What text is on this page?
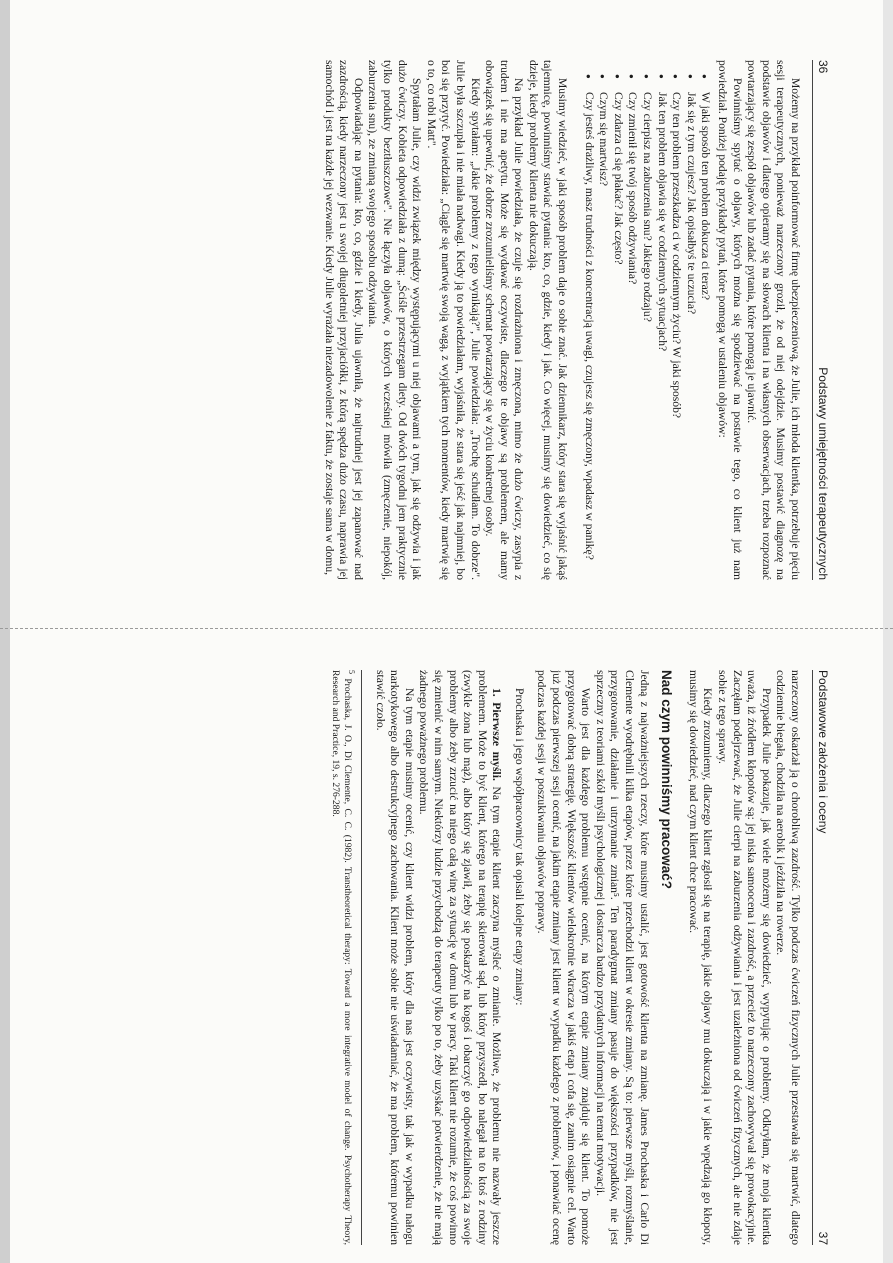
36
Podstawy umiejętności terapeutycznych

Możemy na przykład poinformować firmę ubezpieczeniową, że Julie, ich młoda klientka, potrzebuje pięciu sesji terapeutycznych, ponieważ narzeczony groził, że od niej odejdzie. Musimy postawić diagnozę na podstawie objawów i dlatego opieramy się na słowach klienta i na własnych obserwacjach, trzeba rozpoznać powtarzający się zespół objawów lub zadać pytania, które pomogą je ujawnić.

Powinniśmy spytać o objawy, których można się spodziewać na postawie tego, co klient już nam powiedział. Poniżej podaję przykłady pytań, które pomogą w ustaleniu objawów:

● W jaki sposób ten problem dokucza ci teraz?
● Jak się z tym czujesz? Jak opisałbyś te uczucia?
● Czy ten problem przeszkadza ci w codziennym życiu? W jaki sposób?
● Jak ten problem objawia się w codziennych sytuacjach?
● Czy cierpisz na zaburzenia snu? Jakiego rodzaju?
● Czy zmienił się twój sposób odżywiania?
● Czy zdarza ci się płakać? Jak często?
● Czym się martwisz?
● Czy jesteś drażliwy, masz trudności z koncentracją uwagi, czujesz się zmęczony, wpadasz w panikę?

Musimy wiedzieć, w jaki sposób problem daje o sobie znać. Jak dziennikarz, który stara się wyjaśnić jakąś tajemnicę, powinniśmy stawiać pytania: kto, co, gdzie, kiedy i jak. Co więcej, musimy się dowiedzieć, co się dzieje, kiedy problemy klienta nie dokuczają.

Na przykład Julie powiedziała, że czuje się rozdrażniona i zmęczona, mimo że dużo ćwiczy, zasypia z trudem i nie ma apetytu. Może się wydawać oczywiste, dlaczego te objawy są problemem, ale mamy obowiązek się upewnić, że dobrze zrozumieliśmy schemat powtarzający się w życiu konkretnej osoby.

Kiedy spytałam: „Jakie problemy z tego wynikają?", Julie powiedziała: „Trochę schudłam. To dobrze". Julie była szczupła i nie miała nadwagi. Kiedy ją to powiedziałam, wyjaśniła, że stara się jeść jak najmniej, bo boi się przytyć. Powiedziała: „Ciągle się martwię swoją wagą, z wyjątkiem tych momentów, kiedy martwię się o to, co robi Matt".

Spytałam Julie, czy widzi związek między występującymi u niej objawami a tym, jak się odżywia i jak dużo ćwiczy. Kobieta odpowiedziała z dumą: „Ściśle przestrzegam diety. Od dwóch tygodni jem praktycznie tylko produkty beztłuszczowe". Nie łączyła objawów, o których wcześniej mówiła (zmęczenie, niepokój, zaburzenia snu), ze zmianą swojego sposobu odżywiania.

Odpowiadając na pytania: kto, co, gdzie i kiedy, Julia ujawniła, że najtrudniej jest jej zapanować nad zazdrością, kiedy narzeczony jest u swojej długoletniej przyjaciółki, z którą spędza dużo czasu, naprawia jej samochód i jest na każde jej wezwanie. Kiedy Julie wyrażała niezadowolenie z faktu, że zostaje sama w domu,

Podstawowe założenia i oceny
37

narzeczony oskarżał ją o chorobliwą zazdrość. Tylko podczas ćwiczeń fizycznych Julie przestawała się martwić, dlatego codziennie biegała, chodziła na aerobik i jeździła na rowerze.

Przypadek Julie pokazuje, jak wiele możemy się dowiedzieć, wypytując o problemy. Odkryłam, że moja klientka uważa, iż źródłem kłopotów są: jej niska samoocena i zazdrość, a przecież to narzeczony zachowywał się prowokacyjnie. Zaczęłam podejrzewać, że Julie cierpi na zaburzenia odżywiania i jest uzależniona od ćwiczeń fizycznych, ale nie zdaje sobie z tego sprawy.

Kiedy zrozumiemy, dlaczego klient zgłosił się na terapię, jakie objawy mu dokuczają i w jakie wpędzają go kłopoty, musimy się dowiedzieć, nad czym klient chce pracować.

Nad czym powinniśmy pracować?

Jedną z najważniejszych rzeczy, które musimy ustalić, jest gotowość klienta na zmianę. James Prochaska i Carlo Di Clemente wyodrębnili kilka etapów, przez które przechodzi klient w okresie zmiany. Są to: pierwsze myśli, rozmyślanie, przygotowanie, działanie i utrzymanie zmian⁵. Ten paradygmat zmiany pasuje do większości przypadków, nie jest sprzeczny z teoriami szkół myśli psychologicznej i dostarcza bardzo przydatnych informacji na temat motywacji.

Warto jest dla każdego problemu wstępnie ocenić, na którym etapie zmiany znajduje się klient. To pomoże przygotować dobrą strategię. Większość klientów wielokrotnie wkracza w jakiś etap i cofa się, zanim osiągnie cel. Warto już podczas pierwszej sesji ocenić, na jakim etapie zmiany jest klient w wypadku każdego z problemów, i ponawiać ocenę podczas każdej sesji w poszukiwaniu objawów poprawy.

Prochaska i jego współpracownicy tak opisali kolejne etapy zmiany:

1. Pierwsze myśli. Na tym etapie klient zaczyna myśleć o zmianie. Możliwe, że problemu nie nazwały jeszcze problemem. Może to być klient, którego na terapię skierował sąd, lub który przyszedł, bo nalegał na to ktoś z rodziny (zwykle żona lub mąż), albo który się zjawił, żeby się poskarżyć na kogoś i obarczyć go odpowiedzialnością za swoje problemy albo żeby zrzucić na niego całą winę za sytuację w domu lub w pracy. Taki klient nie rozumie, że coś powinno się zmienić w nim samym. Niektórzy ludzie przychodzą do terapeuty tylko po to, żeby uzyskać potwierdzenie, że nie mają żadnego poważnego problemu.

Na tym etapie musimy ocenić, czy klient widzi problem, który dla nas jest oczywisty, tak jak w wypadku nałogu narkotykowego albo destrukcyjnego zachowania. Klient może sobie nie uświadamiać, że ma problem, któremu powinien stawić czoło.

$^5$ Prochaska, J. O., Di Clemente, C. C. (1982). Transtheoretical therapy: Toward a more integrative model of change. Psychotherapy Theory, Research and Practice, 19, s. 276-288.
